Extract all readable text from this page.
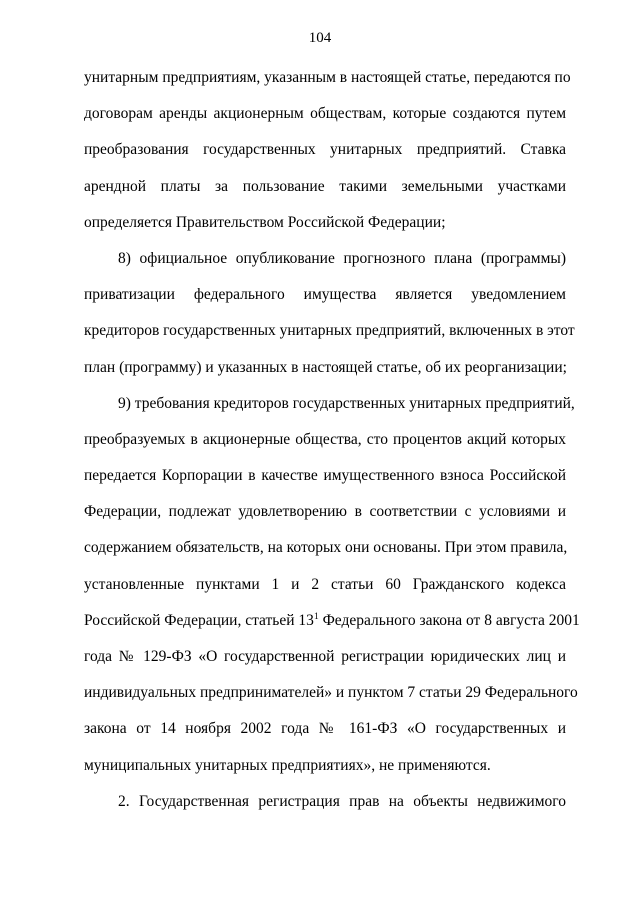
104
унитарным предприятиям, указанным в настоящей статье, передаются по
договорам аренды акционерным обществам, которые создаются путем
преобразования государственных унитарных предприятий. Ставка
арендной платы за пользование такими земельными участками
определяется Правительством Российской Федерации;
8) официальное опубликование прогнозного плана (программы)
приватизации федерального имущества является уведомлением
кредиторов государственных унитарных предприятий, включенных в этот
план (программу) и указанных в настоящей статье, об их реорганизации;
9) требования кредиторов государственных унитарных предприятий,
преобразуемых в акционерные общества, сто процентов акций которых
передается Корпорации в качестве имущественного взноса Российской
Федерации, подлежат удовлетворению в соответствии с условиями и
содержанием обязательств, на которых они основаны. При этом правила,
установленные пунктами 1 и 2 статьи 60 Гражданского кодекса
Российской Федерации, статьей $13^1$ Федерального закона от 8 августа 2001
года № 129-ФЗ «О государственной регистрации юридических лиц и
индивидуальных предпринимателей» и пунктом 7 статьи 29 Федерального
закона от 14 ноября 2002 года № 161-ФЗ «О государственных и
муниципальных унитарных предприятиях», не применяются.
2. Государственная регистрация прав на объекты недвижимого
